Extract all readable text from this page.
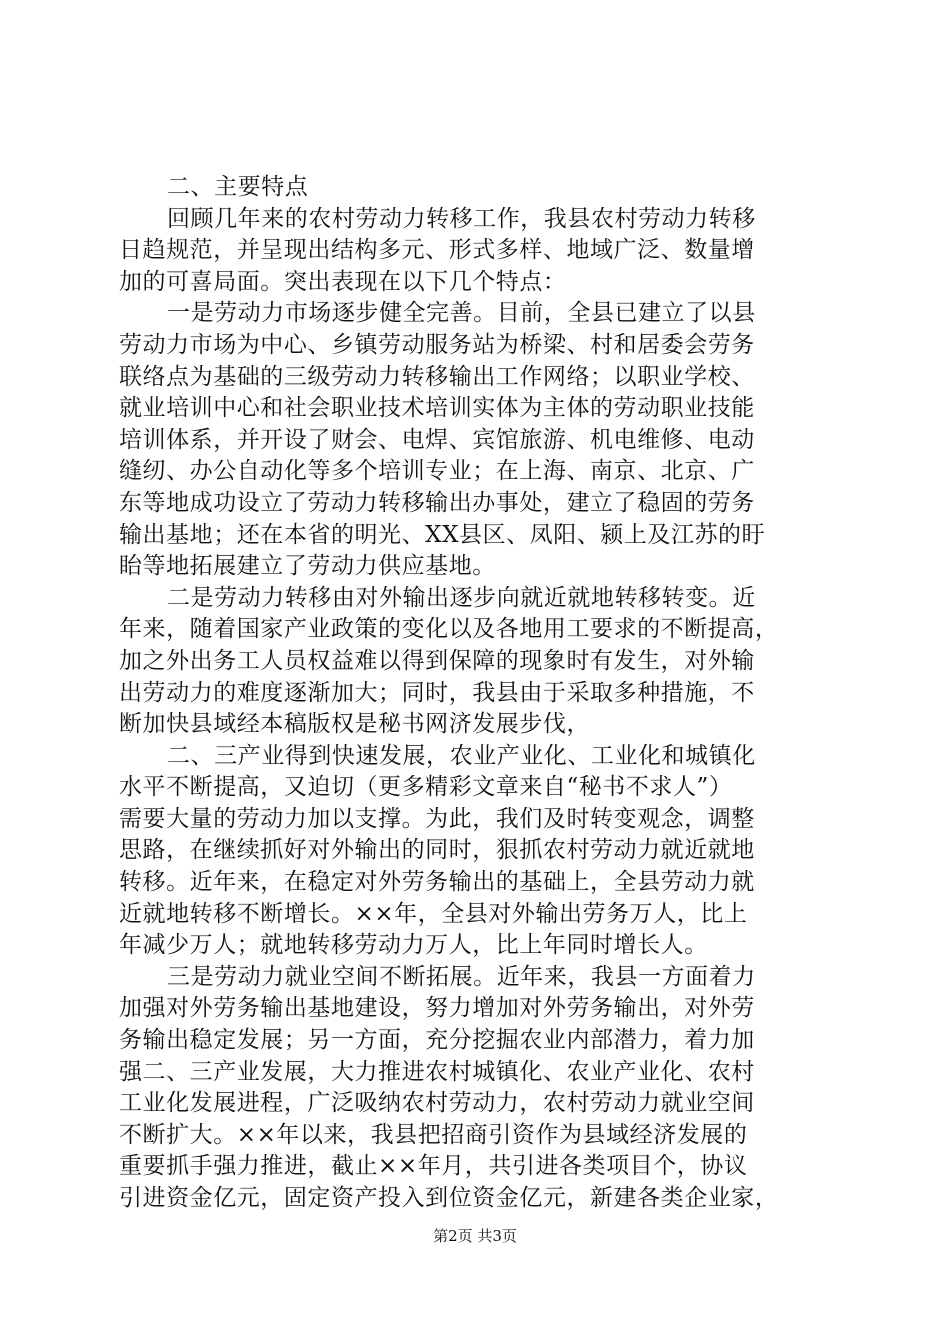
二、主要特点
回顾几年来的农村劳动力转移工作，我县农村劳动力转移
日趋规范，并呈现出结构多元、形式多样、地域广泛、数量增
加的可喜局面。突出表现在以下几个特点：
一是劳动力市场逐步健全完善。目前，全县已建立了以县
劳动力市场为中心、乡镇劳动服务站为桥梁、村和居委会劳务
联络点为基础的三级劳动力转移输出工作网络；以职业学校、
就业培训中心和社会职业技术培训实体为主体的劳动职业技能
培训体系，并开设了财会、电焊、宾馆旅游、机电维修、电动
缝纫、办公自动化等多个培训专业；在上海、南京、北京、广
东等地成功设立了劳动力转移输出办事处，建立了稳固的劳务
输出基地；还在本省的明光、XX县区、凤阳、颍上及江苏的盱
眙等地拓展建立了劳动力供应基地。
二是劳动力转移由对外输出逐步向就近就地转移转变。近
年来，随着国家产业政策的变化以及各地用工要求的不断提高，
加之外出务工人员权益难以得到保障的现象时有发生，对外输
出劳动力的难度逐渐加大；同时，我县由于采取多种措施，不
断加快县域经本稿版权是秘书网济发展步伐，
二、三产业得到快速发展，农业产业化、工业化和城镇化
水平不断提高，又迫切（更多精彩文章来自“秘书不求人”）
需要大量的劳动力加以支撑。为此，我们及时转变观念，调整
思路，在继续抓好对外输出的同时，狠抓农村劳动力就近就地
转移。近年来，在稳定对外劳务输出的基础上，全县劳动力就
近就地转移不断增长。××年，全县对外输出劳务万人，比上
年减少万人；就地转移劳动力万人，比上年同时增长人。
三是劳动力就业空间不断拓展。近年来，我县一方面着力
加强对外劳务输出基地建设，努力增加对外劳务输出，对外劳
务输出稳定发展；另一方面，充分挖掘农业内部潜力，着力加
强二、三产业发展，大力推进农村城镇化、农业产业化、农村
工业化发展进程，广泛吸纳农村劳动力，农村劳动力就业空间
不断扩大。××年以来，我县把招商引资作为县域经济发展的
重要抓手强力推进，截止××年月，共引进各类项目个，协议
引进资金亿元，固定资产投入到位资金亿元，新建各类企业家，
第2页 共3页
